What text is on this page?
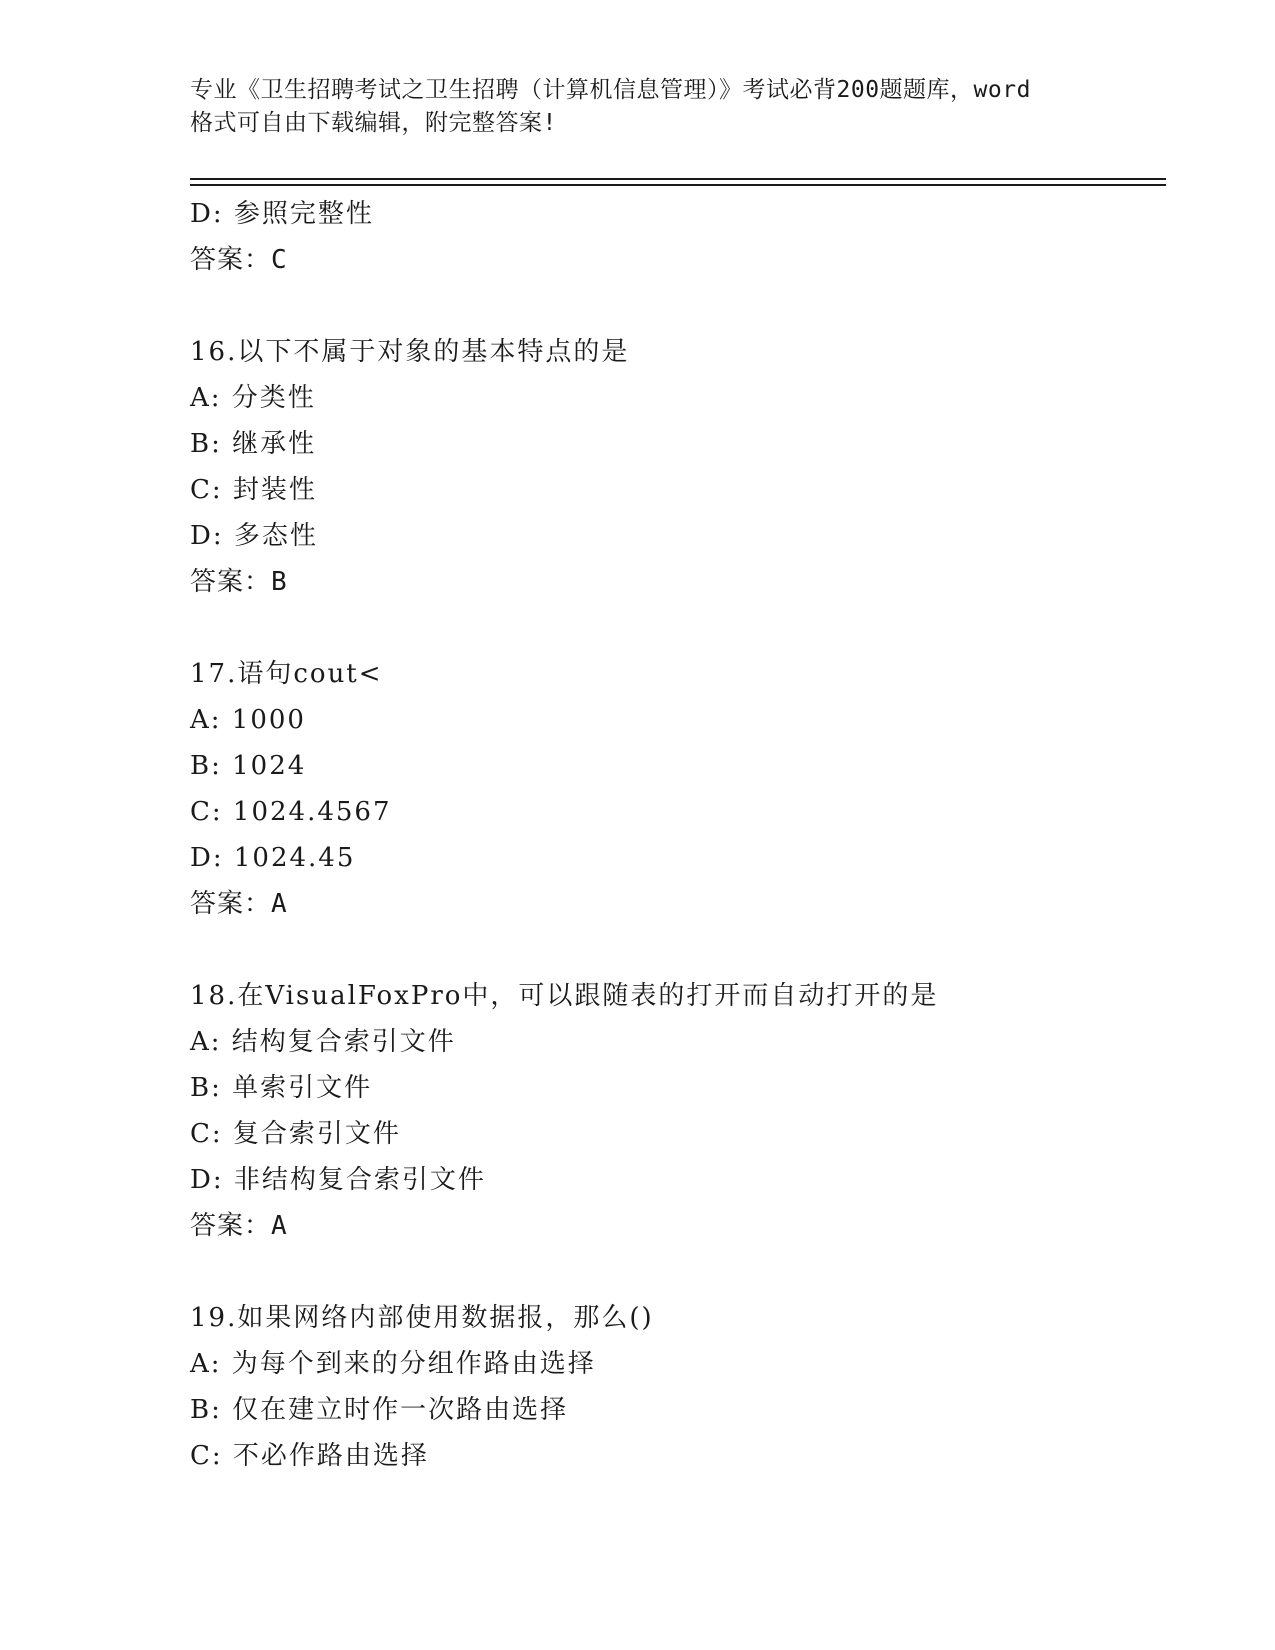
专业《卫生招聘考试之卫生招聘（计算机信息管理）》考试必背200题题库，word
格式可自由下载编辑，附完整答案!
D: 参照完整性
答案：C
16.以下不属于对象的基本特点的是
A: 分类性
B: 继承性
C: 封装性
D: 多态性
答案：B
17.语句cout<
A: 1000
B: 1024
C: 1024.4567
D: 1024.45
答案：A
18.在VisualFoxPro中，可以跟随表的打开而自动打开的是
A: 结构复合索引文件
B: 单索引文件
C: 复合索引文件
D: 非结构复合索引文件
答案：A
19.如果网络内部使用数据报，那么()
A: 为每个到来的分组作路由选择
B: 仅在建立时作一次路由选择
C: 不必作路由选择
